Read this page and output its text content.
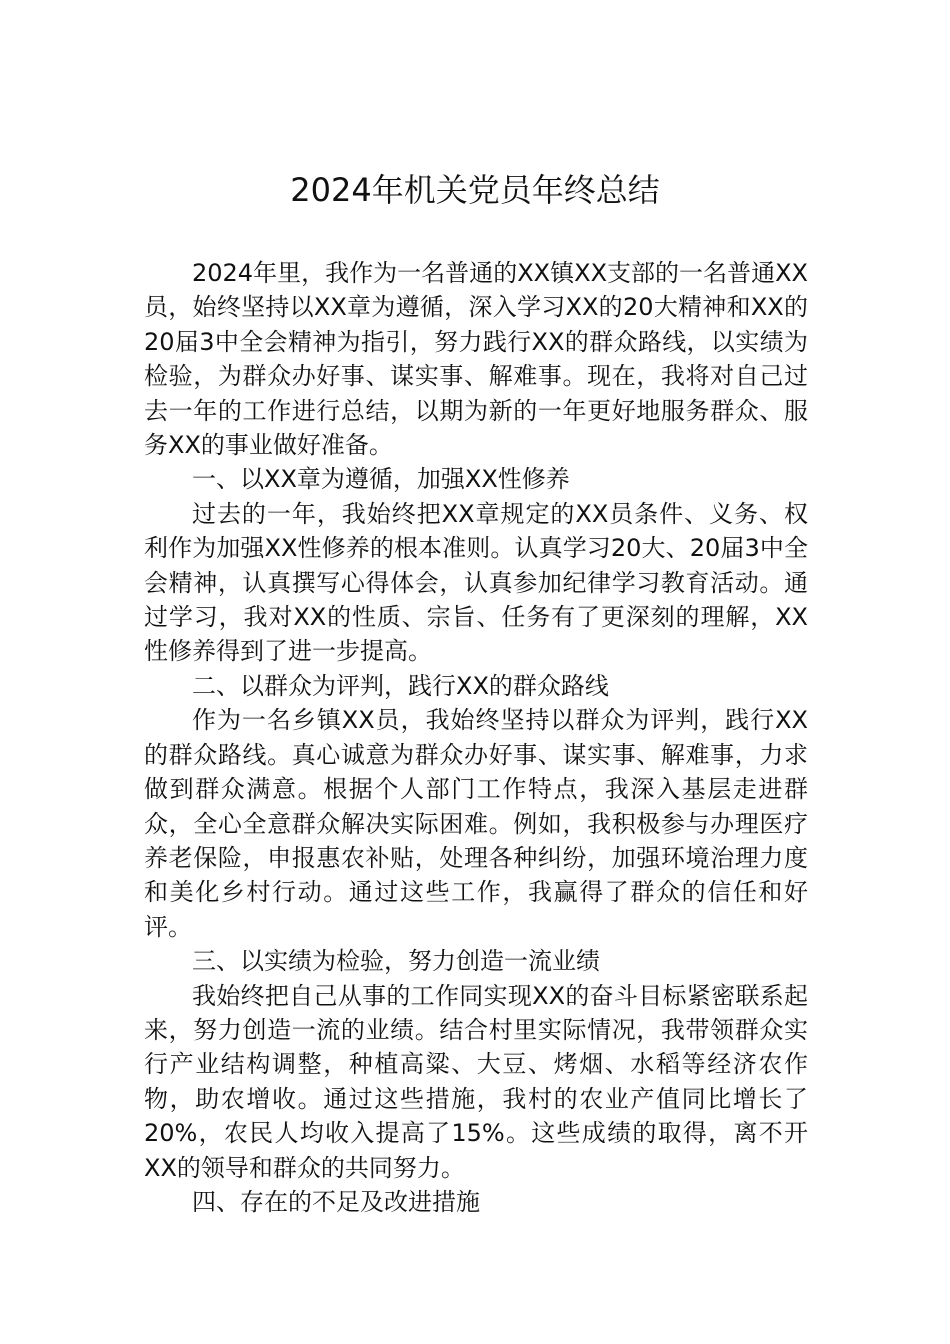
2024年机关党员年终总结

2024年里，我作为一名普通的XX镇XX支部的一名普通XX员，始终坚持以XX章为遵循，深入学习XX的20大精神和XX的20届3中全会精神为指引，努力践行XX的群众路线，以实绩为检验，为群众办好事、谋实事、解难事。现在，我将对自己过去一年的工作进行总结，以期为新的一年更好地服务群众、服务XX的事业做好准备。

一、以XX章为遵循，加强XX性修养

过去的一年，我始终把XX章规定的XX员条件、义务、权利作为加强XX性修养的根本准则。认真学习20大、20届3中全会精神，认真撰写心得体会，认真参加纪律学习教育活动。通过学习，我对XX的性质、宗旨、任务有了更深刻的理解，XX性修养得到了进一步提高。

二、以群众为评判，践行XX的群众路线

作为一名乡镇XX员，我始终坚持以群众为评判，践行XX的群众路线。真心诚意为群众办好事、谋实事、解难事，力求做到群众满意。根据个人部门工作特点，我深入基层走进群众，全心全意群众解决实际困难。例如，我积极参与办理医疗养老保险，申报惠农补贴，处理各种纠纷，加强环境治理力度和美化乡村行动。通过这些工作，我赢得了群众的信任和好评。

三、以实绩为检验，努力创造一流业绩

我始终把自己从事的工作同实现XX的奋斗目标紧密联系起来，努力创造一流的业绩。结合村里实际情况，我带领群众实行产业结构调整，种植高粱、大豆、烤烟、水稻等经济农作物，助农增收。通过这些措施，我村的农业产值同比增长了20%，农民人均收入提高了15%。这些成绩的取得，离不开XX的领导和群众的共同努力。

四、存在的不足及改进措施
